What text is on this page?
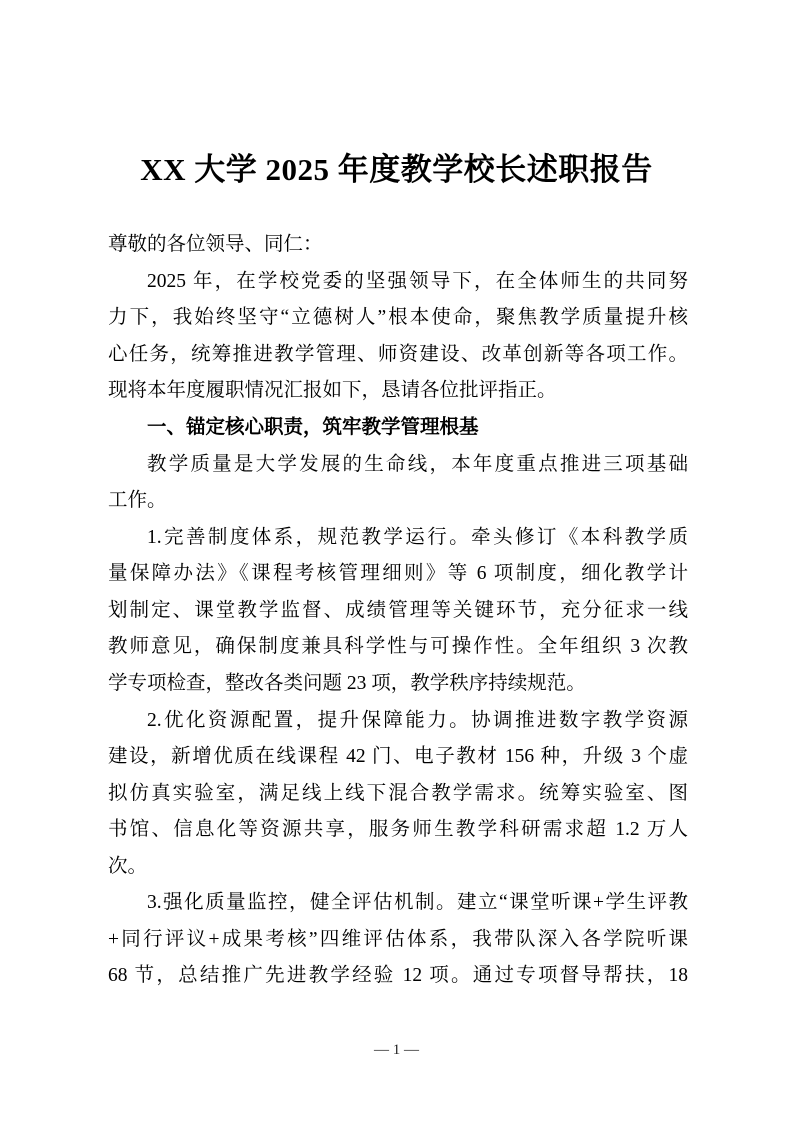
XX 大学 2025 年度教学校长述职报告
尊敬的各位领导、同仁：
2025 年，在学校党委的坚强领导下，在全体师生的共同努
力下，我始终坚守“立德树人”根本使命，聚焦教学质量提升核
心任务，统筹推进教学管理、师资建设、改革创新等各项工作。
现将本年度履职情况汇报如下，恳请各位批评指正。
一、锚定核心职责，筑牢教学管理根基
教学质量是大学发展的生命线，本年度重点推进三项基础
工作。
1.完善制度体系，规范教学运行。牵头修订《本科教学质
量保障办法》《课程考核管理细则》等 6 项制度，细化教学计
划制定、课堂教学监督、成绩管理等关键环节，充分征求一线
教师意见，确保制度兼具科学性与可操作性。全年组织 3 次教
学专项检查，整改各类问题 23 项，教学秩序持续规范。
2.优化资源配置，提升保障能力。协调推进数字教学资源
建设，新增优质在线课程 42 门、电子教材 156 种，升级 3 个虚
拟仿真实验室，满足线上线下混合教学需求。统筹实验室、图
书馆、信息化等资源共享，服务师生教学科研需求超 1.2 万人
次。
3.强化质量监控，健全评估机制。建立“课堂听课+学生评教
+同行评议+成果考核”四维评估体系，我带队深入各学院听课
68 节，总结推广先进教学经验 12 项。通过专项督导帮扶，18
— 1 —
